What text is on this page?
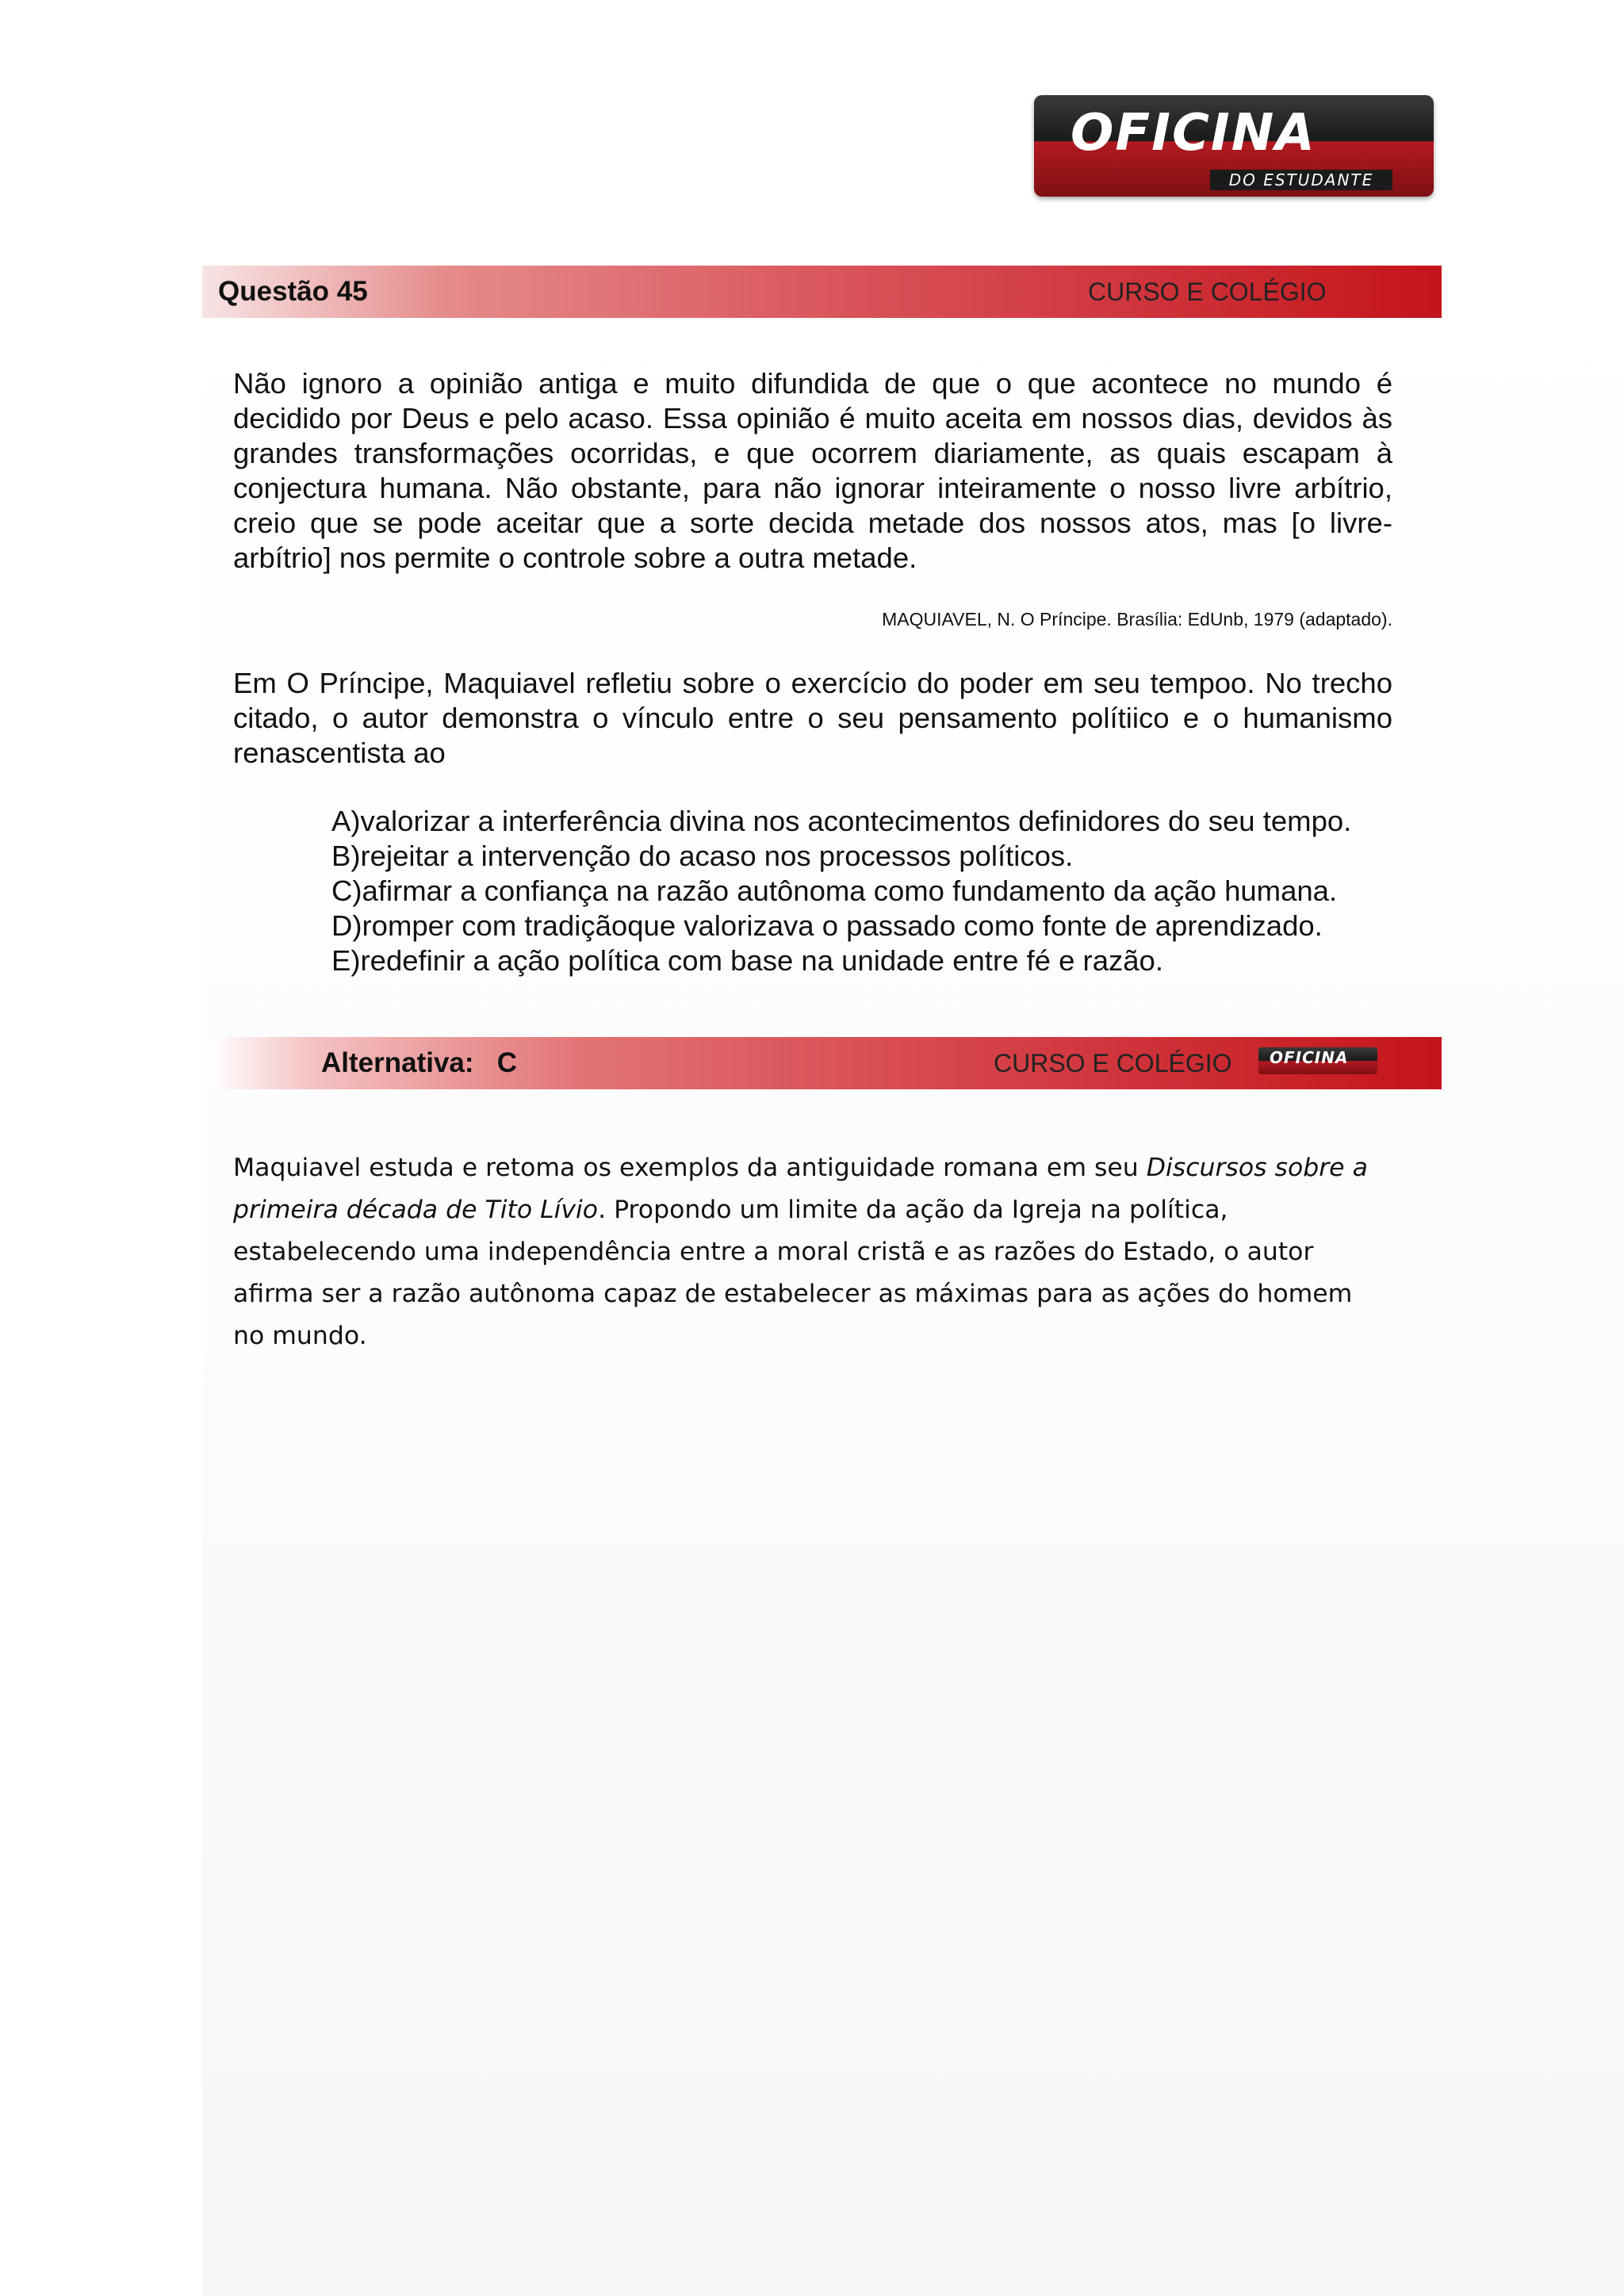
OFICINA
DO ESTUDANTE
Questão 45	CURSO E COLÉGIO

Não ignoro a opinião antiga e muito difundida de que o que acontece no mundo é decidido por Deus e pelo acaso. Essa opinião é muito aceita em nossos dias, devidos às grandes transformações ocorridas, e que ocorrem diariamente, as quais escapam à conjectura humana. Não obstante, para não ignorar inteiramente o nosso livre arbítrio, creio que se pode aceitar que a sorte decida metade dos nossos atos, mas [o livre-arbítrio] nos permite o controle sobre a outra metade.

MAQUIAVEL, N. O Príncipe. Brasília: EdUnb, 1979 (adaptado).

Em O Príncipe, Maquiavel refletiu sobre o exercício do poder em seu tempoo. No trecho citado, o autor demonstra o vínculo entre o seu pensamento polítiico e o humanismo renascentista ao

A)valorizar a interferência divina nos acontecimentos definidores do seu tempo.
B)rejeitar a intervenção do acaso nos processos políticos.
C)afirmar a confiança na razão autônoma como fundamento da ação humana.
D)romper com tradiçãoque valorizava o passado como fonte de aprendizado.
E)redefinir a ação política com base na unidade entre fé e razão.
Alternativa:   C	CURSO E COLÉGIO OFICINA

Maquiavel estuda e retoma os exemplos da antiguidade romana em seu Discursos sobre a primeira década de Tito Lívio. Propondo um limite da ação da Igreja na política, estabelecendo uma independência entre a moral cristã e as razões do Estado, o autor afirma ser a razão autônoma capaz de estabelecer as máximas para as ações do homem no mundo.
